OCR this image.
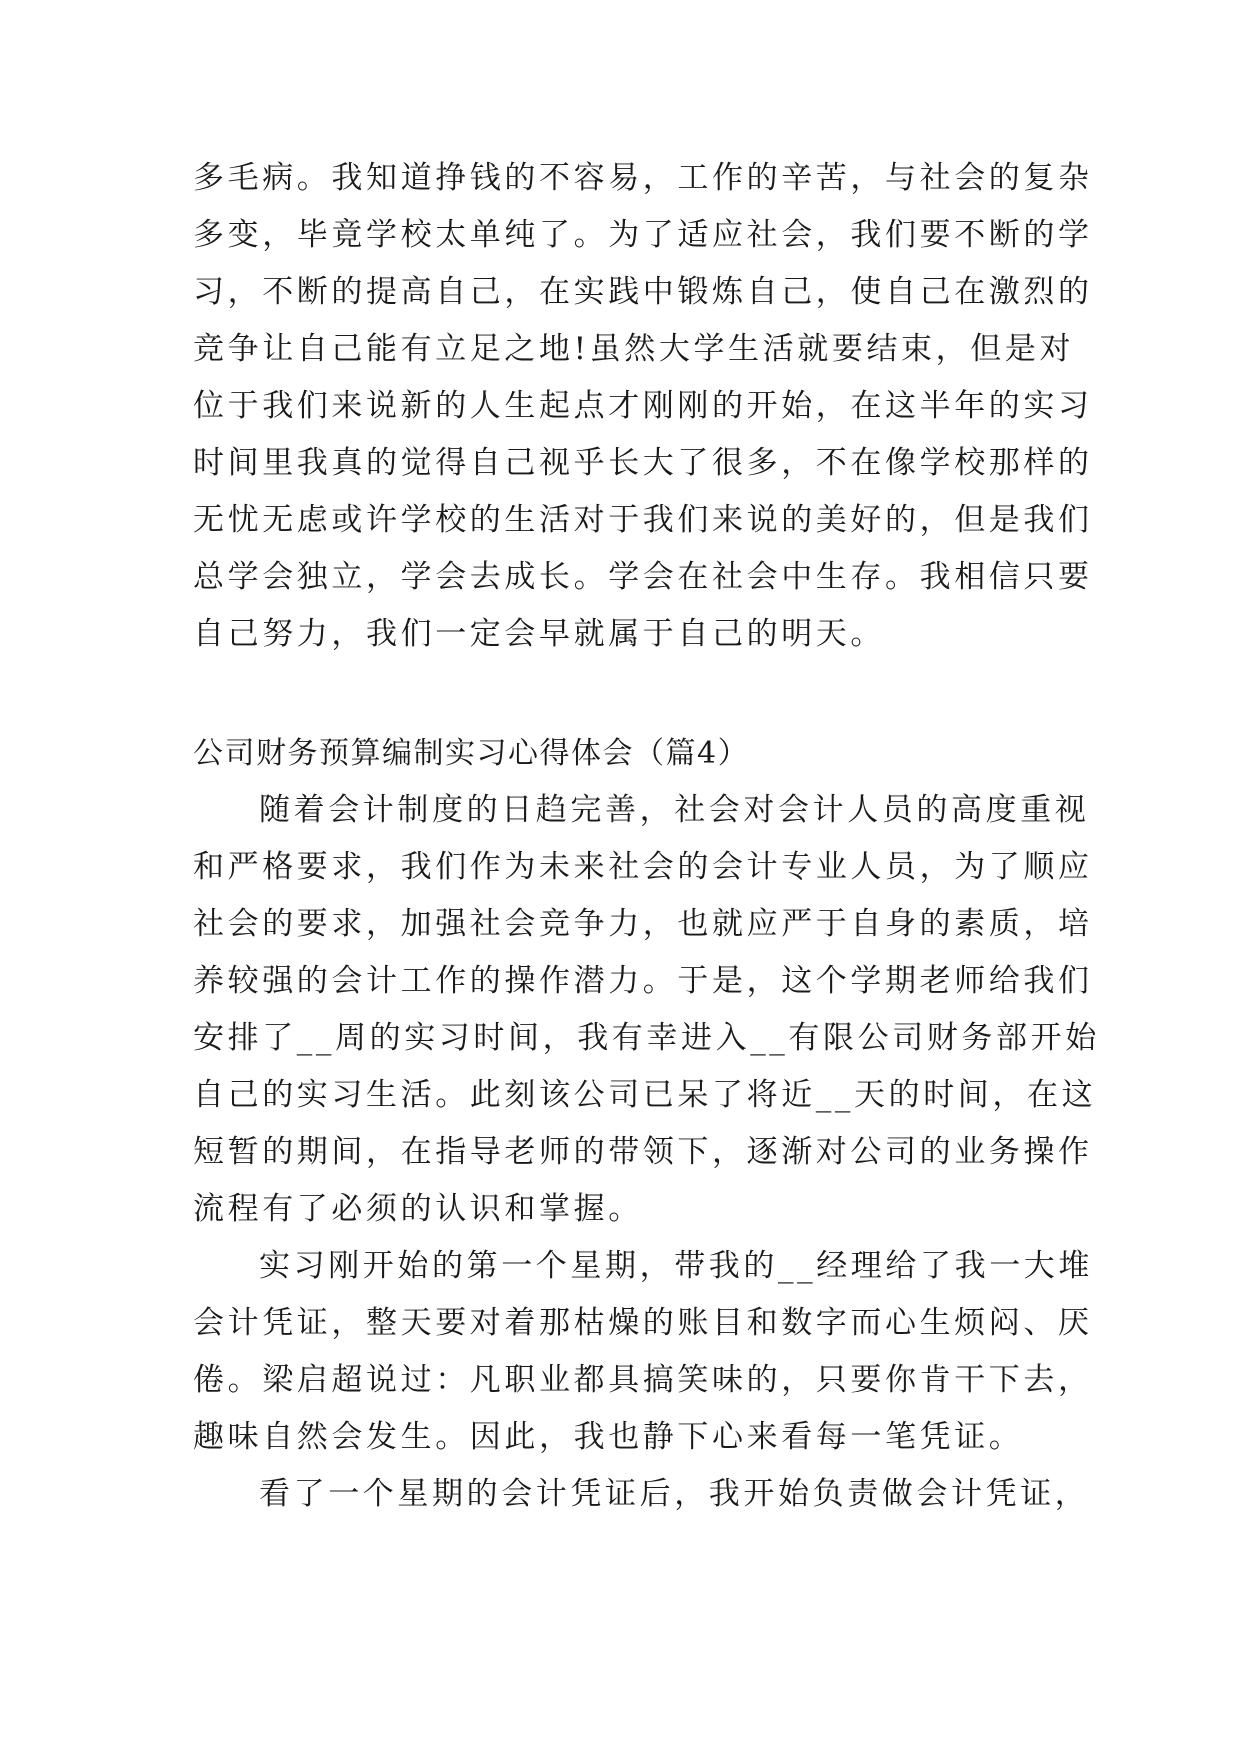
多毛病。我知道挣钱的不容易，工作的辛苦，与社会的复杂
多变，毕竟学校太单纯了。为了适应社会，我们要不断的学
习，不断的提高自己，在实践中锻炼自己，使自己在激烈的
竞争让自己能有立足之地!虽然大学生活就要结束，但是对
位于我们来说新的人生起点才刚刚的开始，在这半年的实习
时间里我真的觉得自己视乎长大了很多，不在像学校那样的
无忧无虑或许学校的生活对于我们来说的美好的，但是我们
总学会独立，学会去成长。学会在社会中生存。我相信只要
自己努力，我们一定会早就属于自己的明天。
公司财务预算编制实习心得体会（篇4）
随着会计制度的日趋完善，社会对会计人员的高度重视
和严格要求，我们作为未来社会的会计专业人员，为了顺应
社会的要求，加强社会竞争力，也就应严于自身的素质，培
养较强的会计工作的操作潜力。于是，这个学期老师给我们
安排了__周的实习时间，我有幸进入__有限公司财务部开始
自己的实习生活。此刻该公司已呆了将近__天的时间，在这
短暂的期间，在指导老师的带领下，逐渐对公司的业务操作
流程有了必须的认识和掌握。
实习刚开始的第一个星期，带我的__经理给了我一大堆
会计凭证，整天要对着那枯燥的账目和数字而心生烦闷、厌
倦。梁启超说过：凡职业都具搞笑味的，只要你肯干下去，
趣味自然会发生。因此，我也静下心来看每一笔凭证。
看了一个星期的会计凭证后，我开始负责做会计凭证，
